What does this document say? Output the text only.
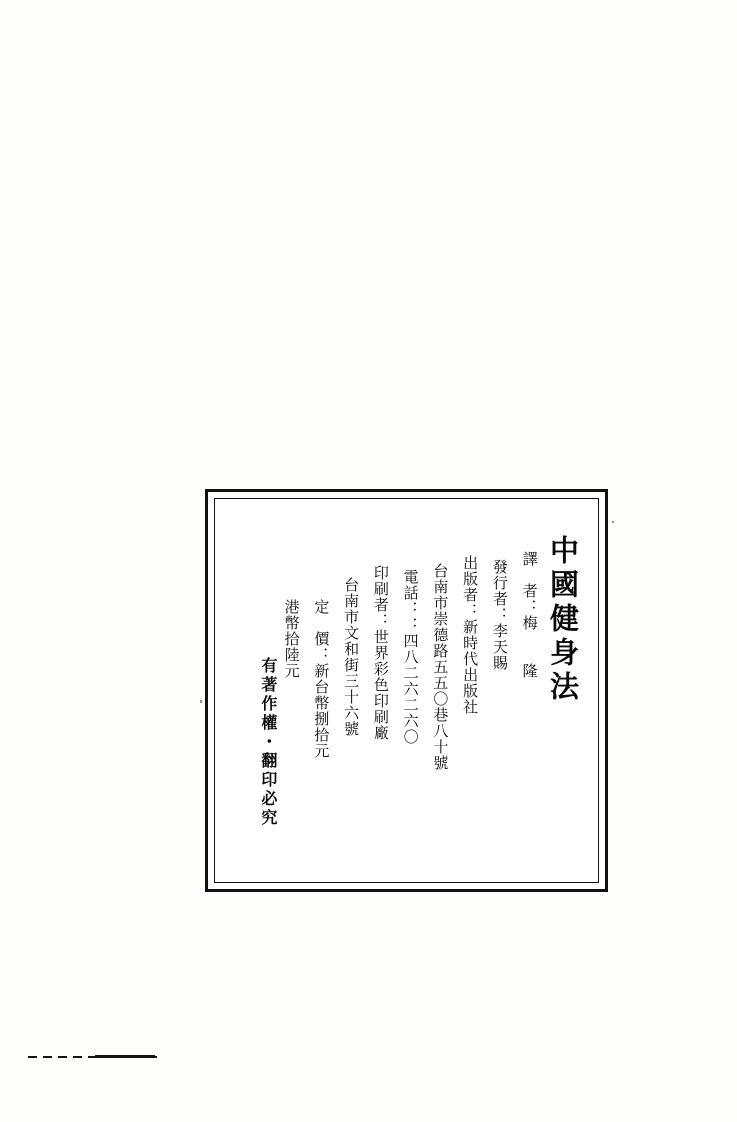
中國健身法
譯　者：梅　　隆
發行者：李天賜
出版者：新時代出版社
台南市崇德路五五〇巷八十號
電話：：四八二六二六〇
印刷者：世界彩色印刷廠
台南市文和街三十六號
定　價：新台幣捌拾元
港幣拾陸元
有著作權・翻印必究
